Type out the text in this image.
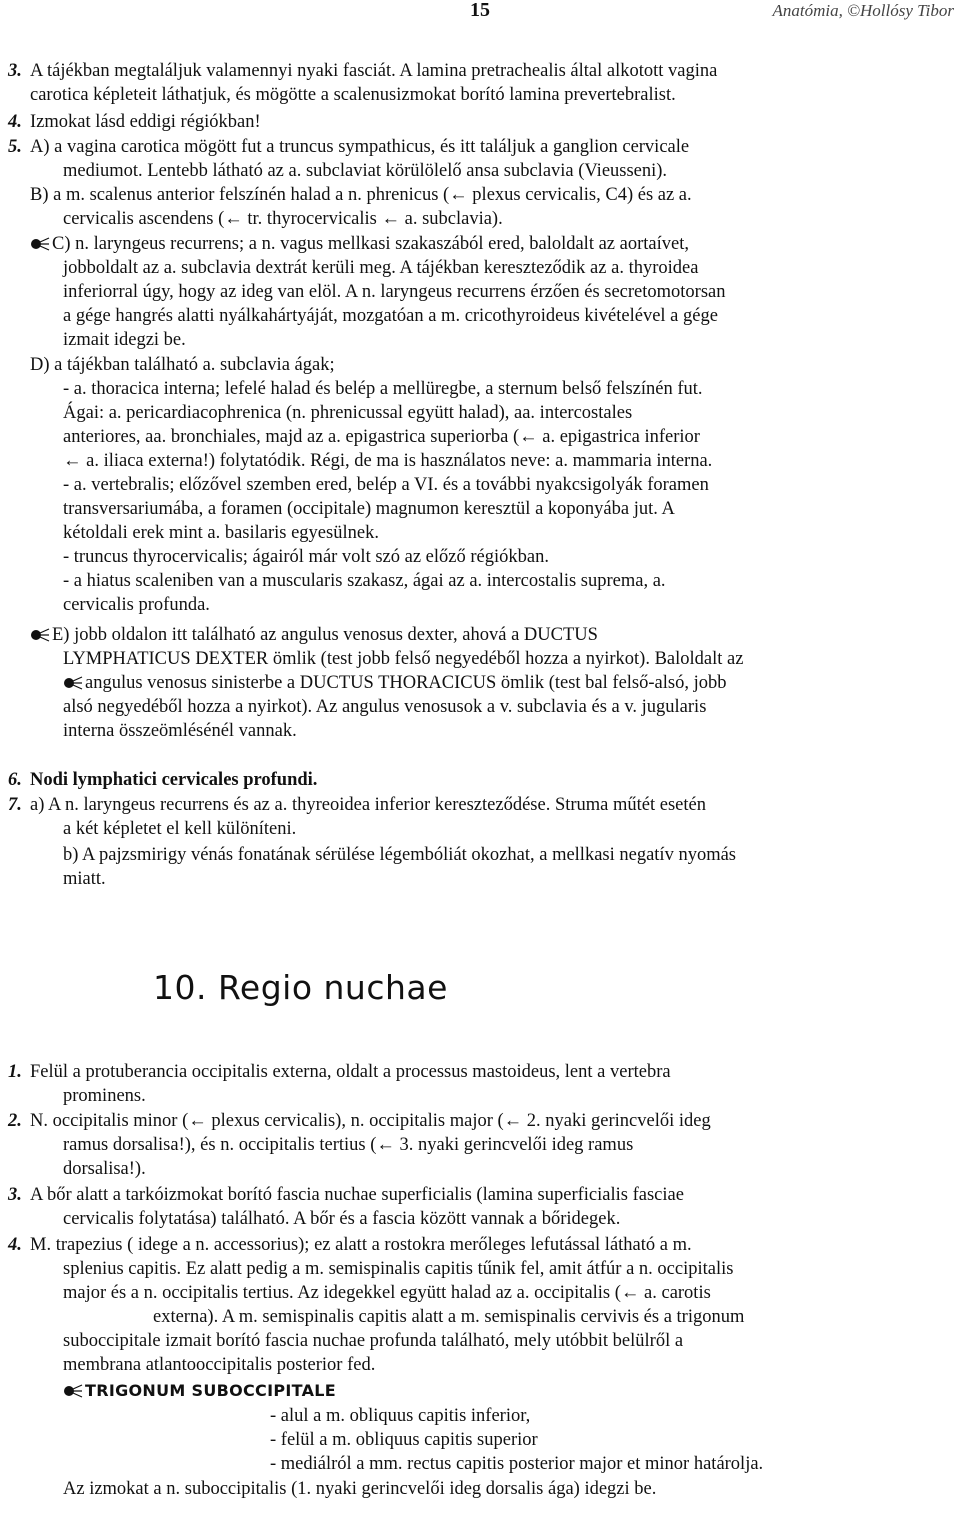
15	Anatómia, ©Hollósy Tibor
3. A tájékban megtaláljuk valamennyi nyaki fasciát. A lamina pretrachealis által alkotott vagina
carotica képleteit láthatjuk, és mögötte a scalenusizmokat borító lamina prevertebralist.
4. Izmokat lásd eddigi régiókban!
5. A) a vagina carotica mögött fut a truncus sympathicus, és itt találjuk a ganglion cervicale
mediumot. Lentebb látható az a. subclaviat körülölelő ansa subclavia (Vieusseni).
B) a m. scalenus anterior felszínén halad a n. phrenicus (← plexus cervicalis, C4) és az a.
cervicalis ascendens (← tr. thyrocervicalis ← a. subclavia).
C) n. laryngeus recurrens; a n. vagus mellkasi szakaszából ered, baloldalt az aortaívet,
jobboldalt az a. subclavia dextrát kerüli meg. A tájékban kereszteződik az a. thyroidea
inferiorral úgy, hogy az ideg van elöl. A n. laryngeus recurrens érzően és secretomotorsan
a gége hangrés alatti nyálkahártyáját, mozgatóan a m. cricothyroideus kivételével a gége
izmait idegzi be.
D) a tájékban található a. subclavia ágak;
- a. thoracica interna; lefelé halad és belép a mellüregbe, a sternum belső felszínén fut.
Ágai: a. pericardiacophrenica (n. phrenicussal együtt halad), aa. intercostales
anteriores, aa. bronchiales, majd az a. epigastrica superiorba (← a. epigastrica inferior
← a. iliaca externa!) folytatódik. Régi, de ma is használatos neve: a. mammaria interna.
- a. vertebralis; előzővel szemben ered, belép a VI. és a további nyakcsigolyák foramen
transversariumába, a foramen (occipitale) magnumon keresztül a koponyába jut. A
kétoldali erek mint a. basilaris egyesülnek.
- truncus thyrocervicalis; ágairól már volt szó az előző régiókban.
- a hiatus scaleniben van a muscularis szakasz, ágai az a. intercostalis suprema, a.
cervicalis profunda.
E) jobb oldalon itt található az angulus venosus dexter, ahová a DUCTUS
LYMPHATICUS DEXTER ömlik (test jobb felső negyedéből hozza a nyirkot). Baloldalt az
angulus venosus sinisterbe a DUCTUS THORACICUS ömlik (test bal felső-alsó, jobb
alsó negyedéből hozza a nyirkot). Az angulus venosusok a v. subclavia és a v. jugularis
interna összeömlésénél vannak.
6. Nodi lymphatici cervicales profundi.
7. a) A n. laryngeus recurrens és az a. thyreoidea inferior kereszteződése. Struma műtét esetén
a két képletet el kell különíteni.
b) A pajzsmirigy vénás fonatának sérülése légembóliát okozhat, a mellkasi negatív nyomás
miatt.
10. Regio nuchae
1. Felül a protuberancia occipitalis externa, oldalt a processus mastoideus, lent a vertebra
prominens.
2. N. occipitalis minor (← plexus cervicalis), n. occipitalis major (← 2. nyaki gerincvelői ideg
ramus dorsalisa!), és n. occipitalis tertius (← 3. nyaki gerincvelői ideg ramus
dorsalisa!).
3. A bőr alatt a tarkóizmokat borító fascia nuchae superficialis (lamina superficialis fasciae
cervicalis folytatása) található. A bőr és a fascia között vannak a bőridegek.
4. M. trapezius ( idege a n. accessorius); ez alatt a rostokra merőleges lefutással látható a m.
splenius capitis. Ez alatt pedig a m. semispinalis capitis tűnik fel, amit átfúr a n. occipitalis
major és a n. occipitalis tertius. Az idegekkel együtt halad az a. occipitalis (← a. carotis
externa). A m. semispinalis capitis alatt a m. semispinalis cervivis és a trigonum
suboccipitale izmait borító fascia nuchae profunda található, mely utóbbit belülről a
membrana atlantooccipitalis posterior fed.
TRIGONUM SUBOCCIPITALE
- alul a m. obliquus capitis inferior,
- felül a m. obliquus capitis superior
- mediálról a mm. rectus capitis posterior major et minor határolja.
Az izmokat a n. suboccipitalis (1. nyaki gerincvelői ideg dorsalis ága) idegzi be.
